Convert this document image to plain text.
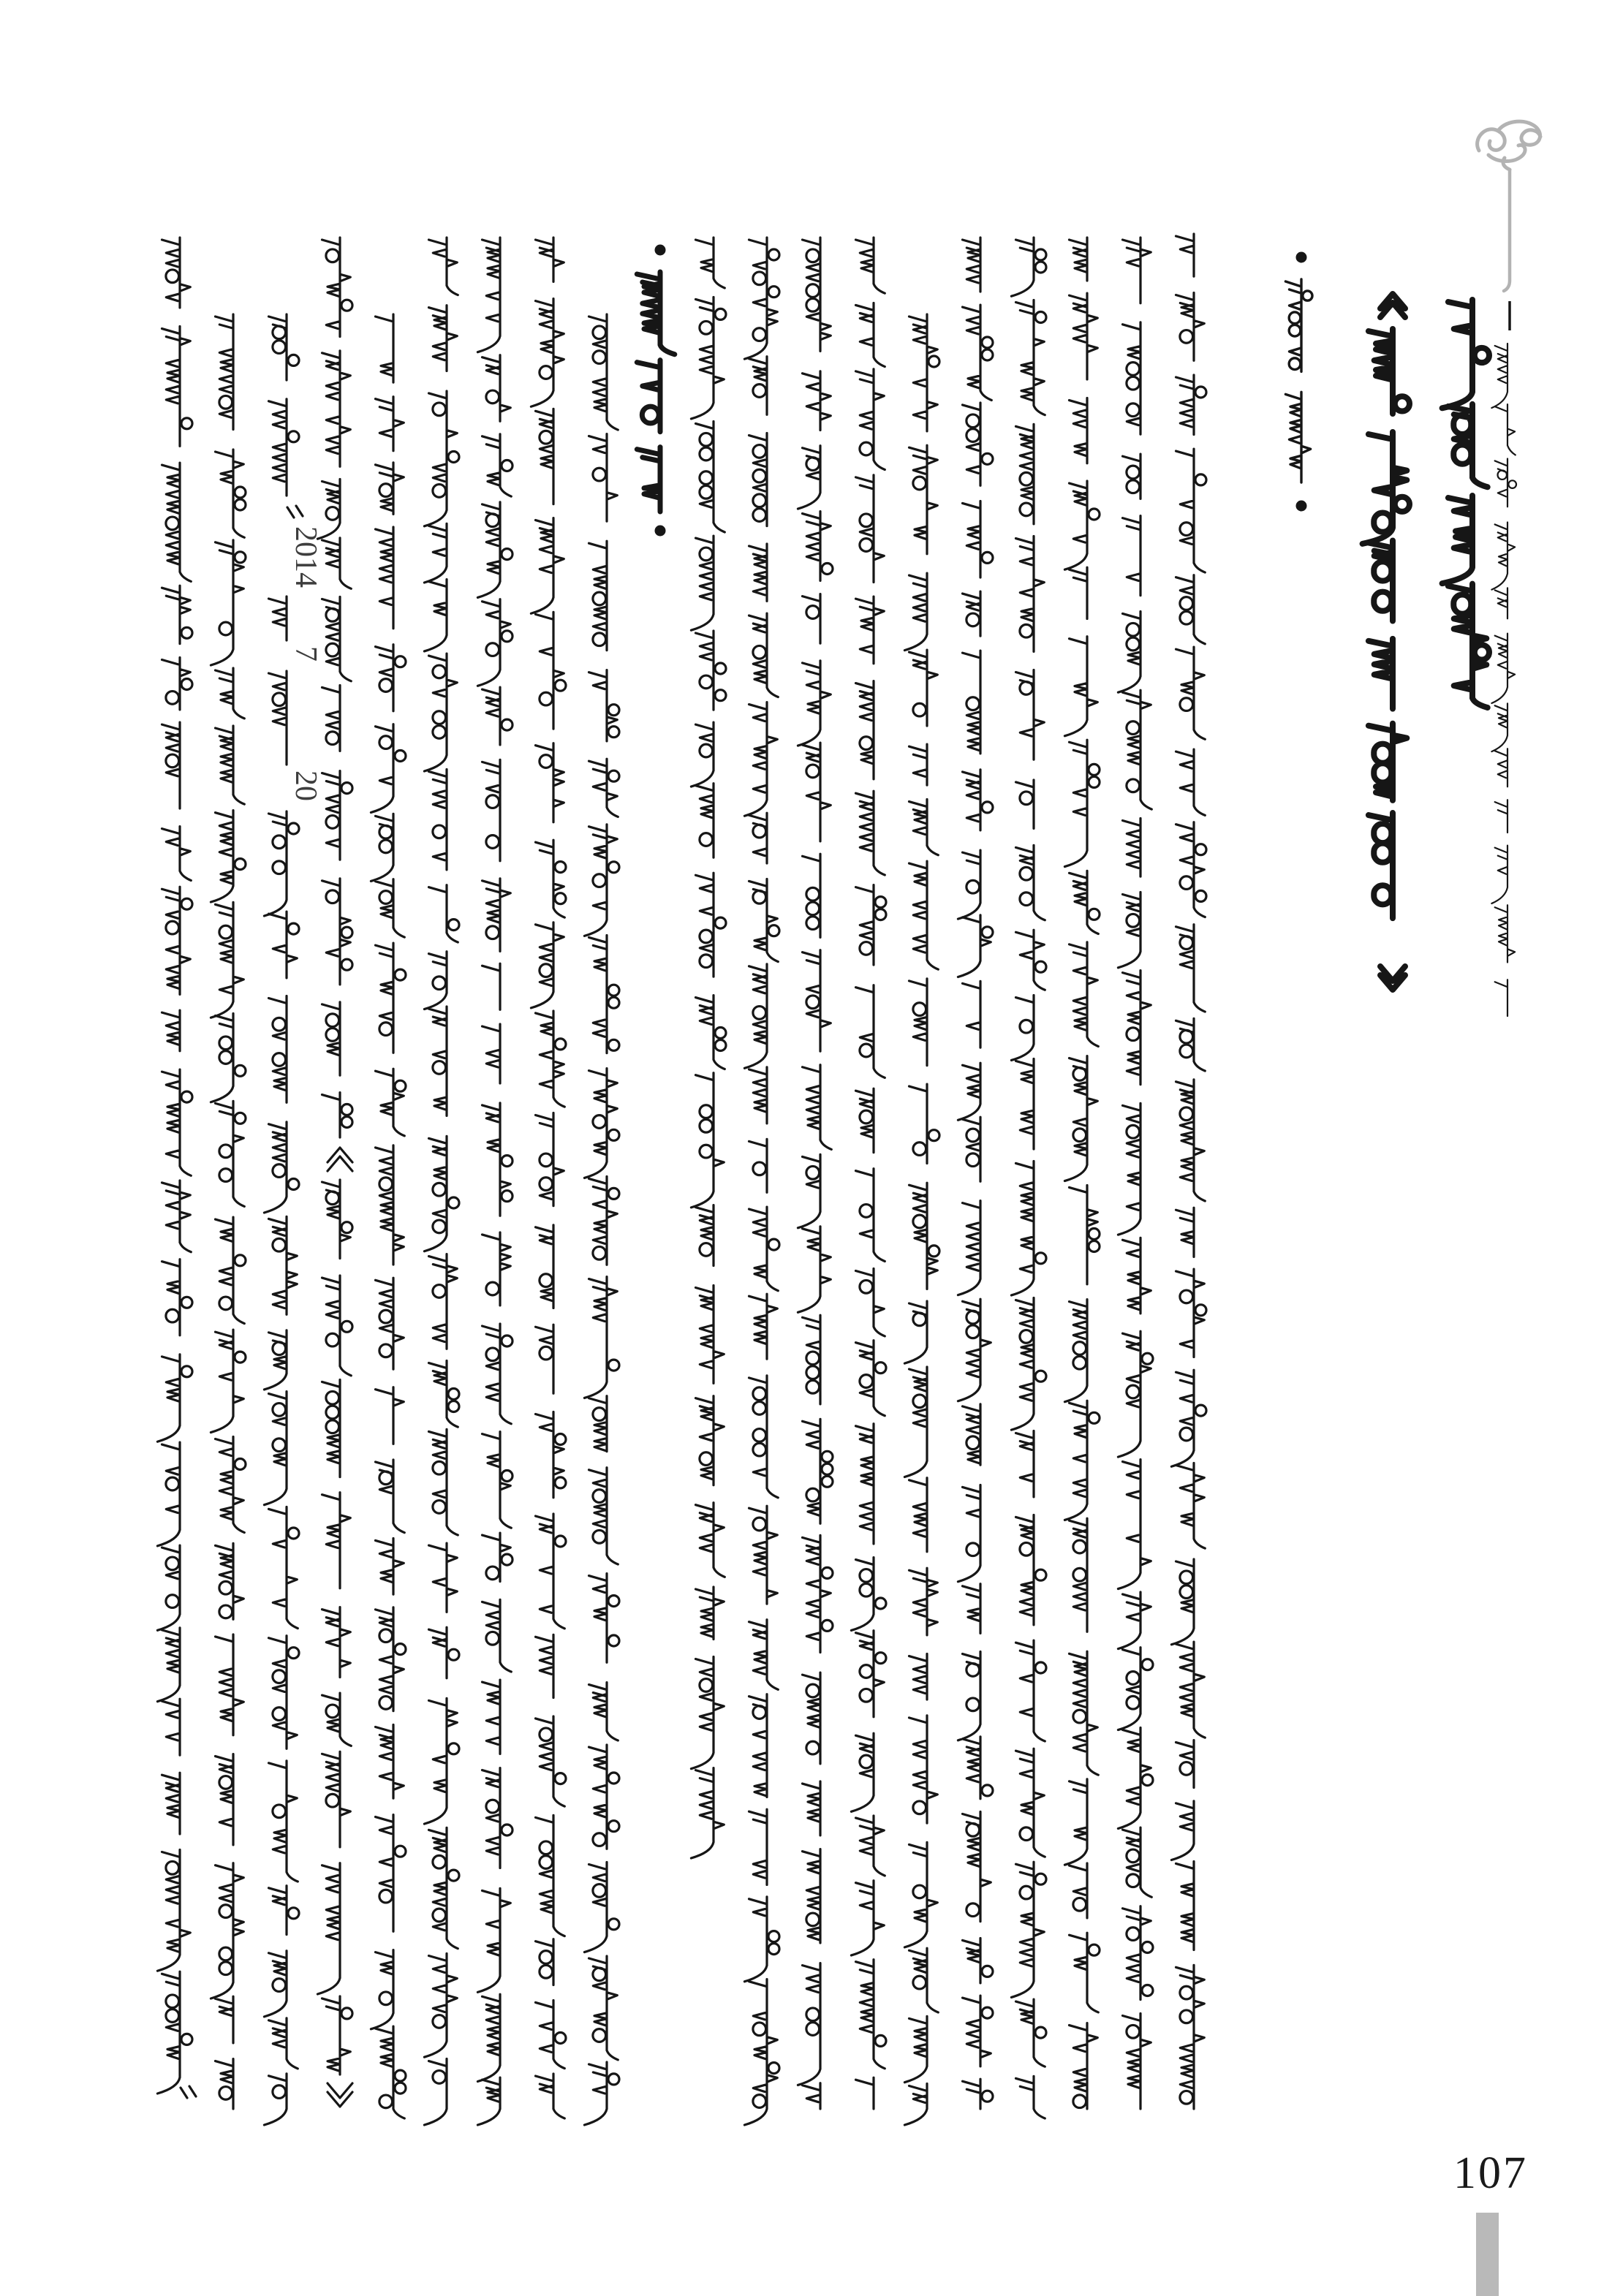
2014
7
20
107
